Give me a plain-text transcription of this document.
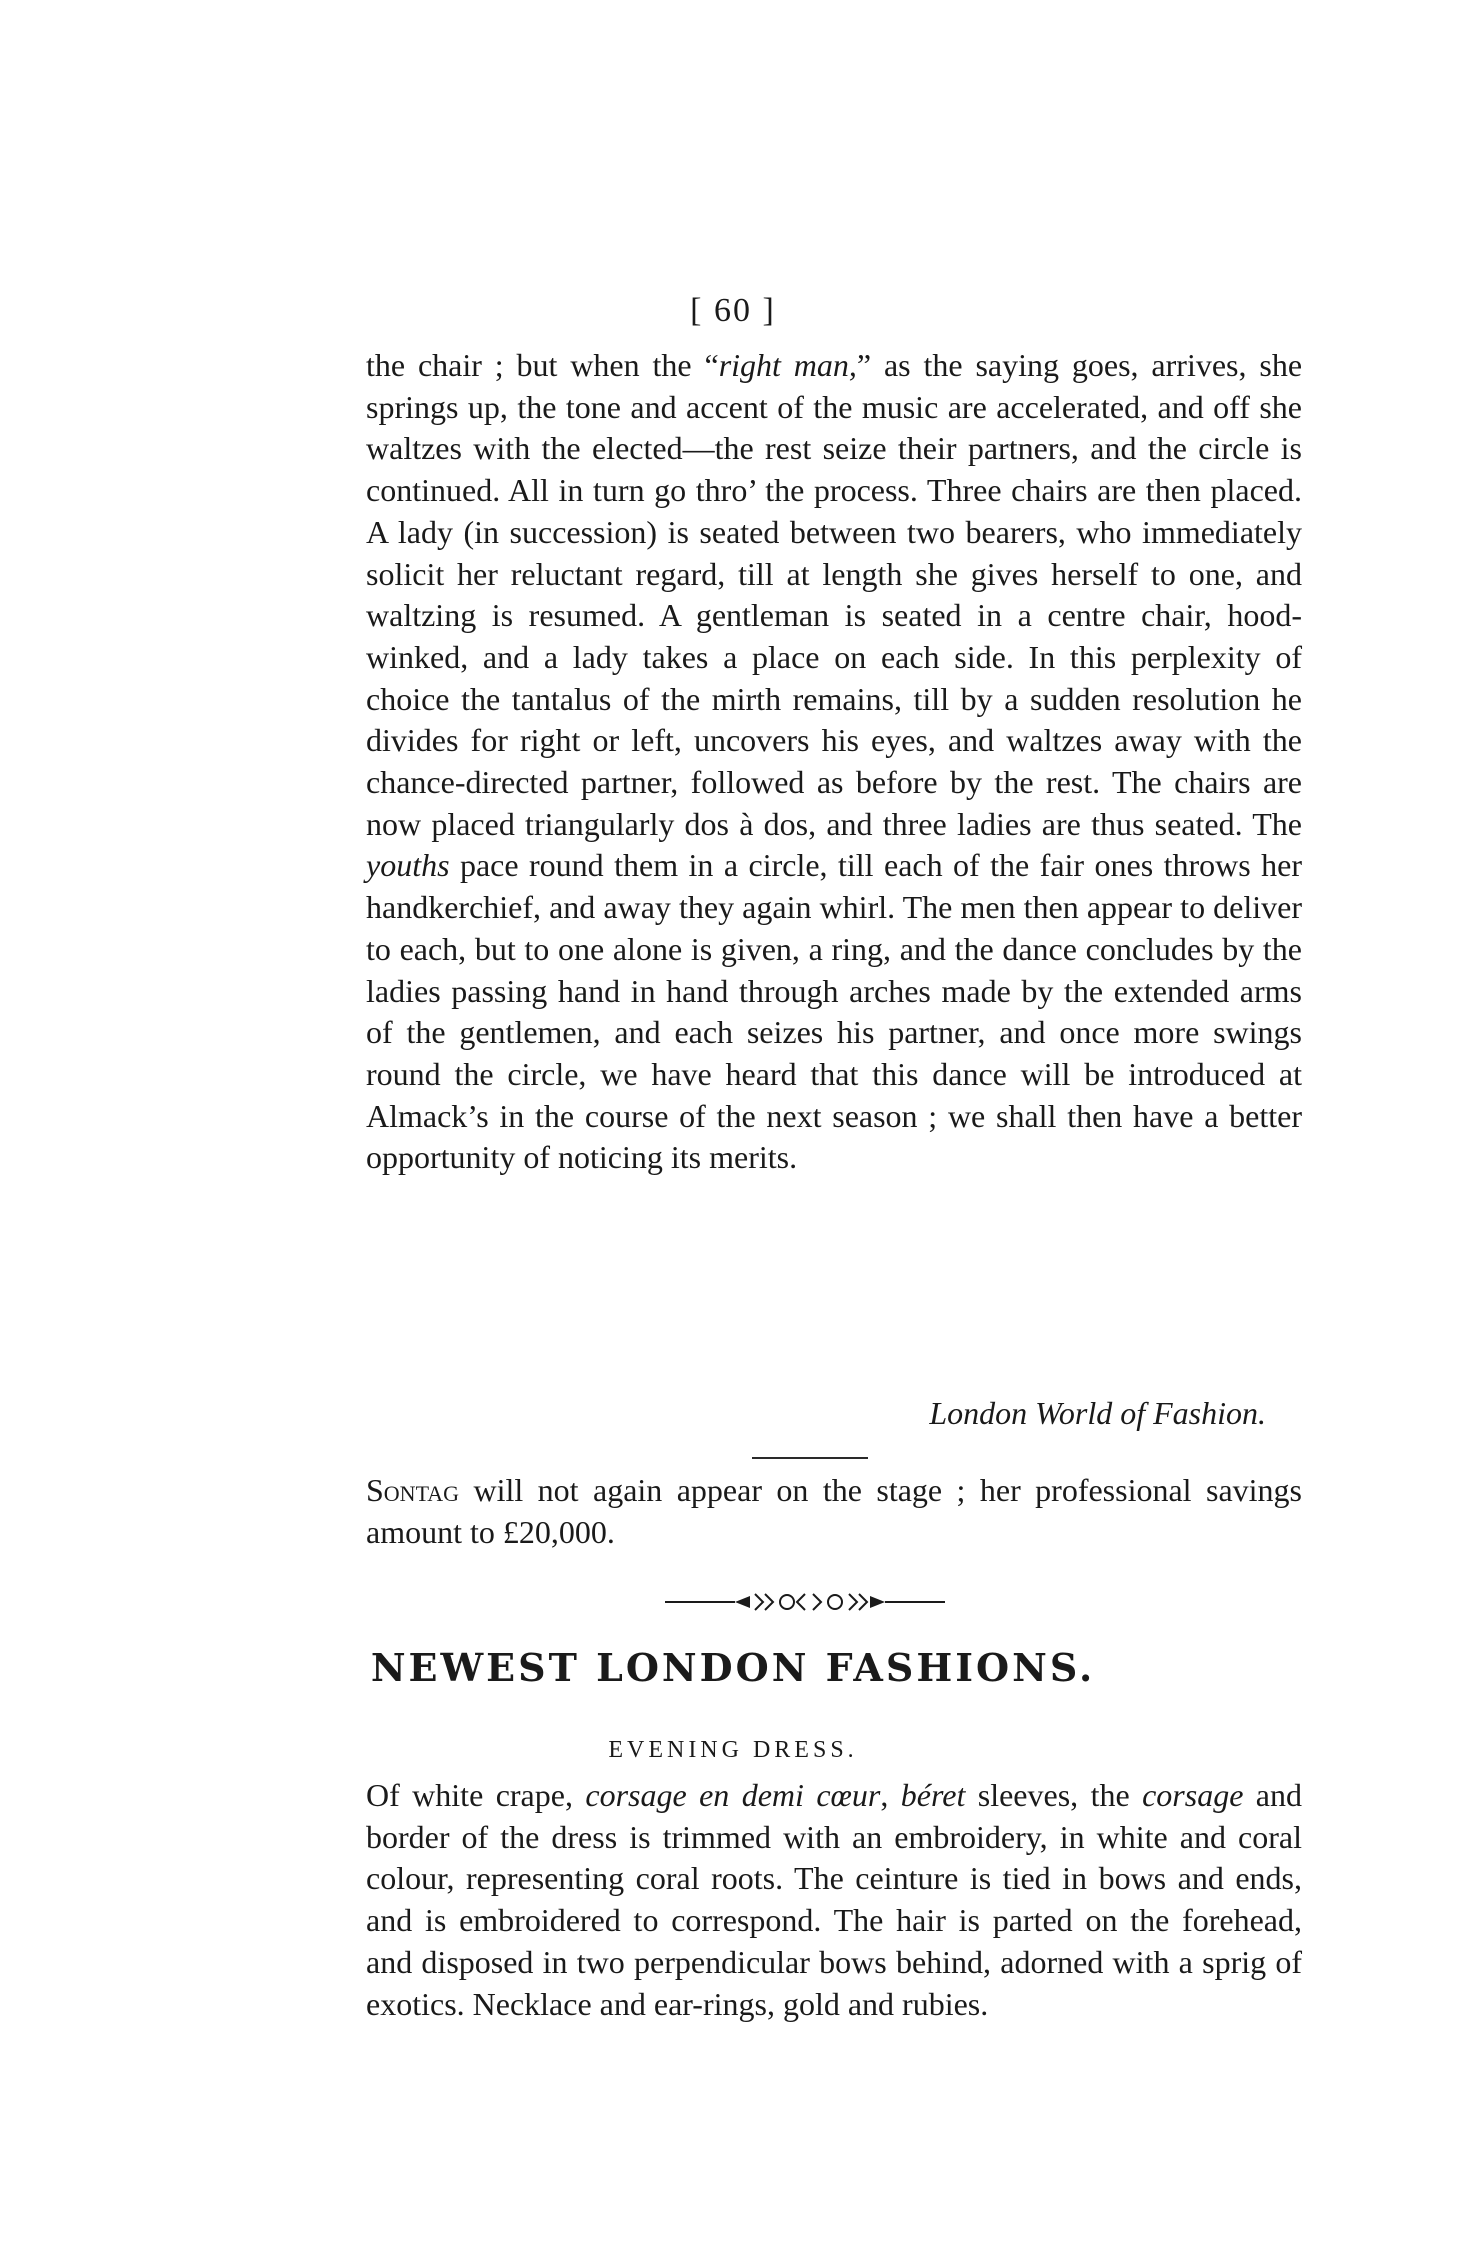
[ 60 ]

the chair ; but when the “right man,” as the saying goes, arrives, she springs up, the tone and accent of the music are accelerated, and off she waltzes with the elected—the rest seize their partners, and the circle is continued. All in turn go thro’ the process. Three chairs are then placed. A lady (in succession) is seated between two bearers, who immediately solicit her reluctant regard, till at length she gives herself to one, and waltzing is resumed. A gentleman is seated in a centre chair, hood-winked, and a lady takes a place on each side. In this perplexity of choice the tantalus of the mirth remains, till by a sudden resolution he divides for right or left, uncovers his eyes, and waltzes away with the chance-directed partner, followed as before by the rest. The chairs are now placed triangularly dos à dos, and three ladies are thus seated. The youths pace round them in a circle, till each of the fair ones throws her handkerchief, and away they again whirl. The men then appear to deliver to each, but to one alone is given, a ring, and the dance concludes by the ladies passing hand in hand through arches made by the extended arms of the gentlemen, and each seizes his partner, and once more swings round the circle, we have heard that this dance will be introduced at Almack’s in the course of the next season ; we shall then have a better opportunity of noticing its merits.

London World of Fashion.

Sontag will not again appear on the stage ; her professional savings amount to £20,000.

NEWEST LONDON FASHIONS.
EVENING DRESS.

Of white crape, corsage en demi cœur, béret sleeves, the corsage and border of the dress is trimmed with an embroidery, in white and coral colour, representing coral roots. The ceinture is tied in bows and ends, and is embroidered to correspond. The hair is parted on the forehead, and disposed in two perpendicular bows behind, adorned with a sprig of exotics. Necklace and ear-rings, gold and rubies.
